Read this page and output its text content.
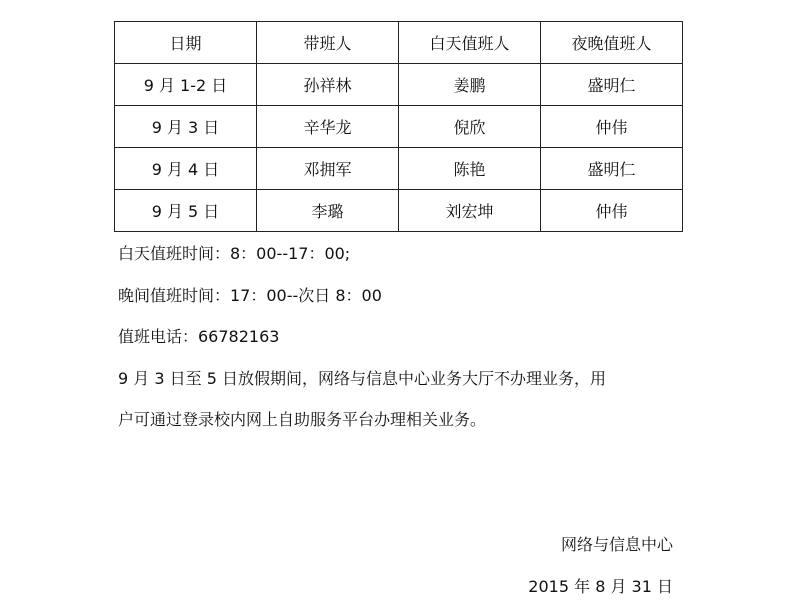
日期	带班人	白天值班人	夜晚值班人
9 月 1-2 日	孙祥林	姜鹏	盛明仁
9 月 3 日	辛华龙	倪欣	仲伟
9 月 4 日	邓拥军	陈艳	盛明仁
9 月 5 日	李璐	刘宏坤	仲伟
白天值班时间：8：00--17：00;
晚间值班时间：17：00--次日 8：00
值班电话：66782163
9 月 3 日至 5 日放假期间，网络与信息中心业务大厅不办理业务，用
户可通过登录校内网上自助服务平台办理相关业务。
网络与信息中心
2015 年 8 月 31 日
